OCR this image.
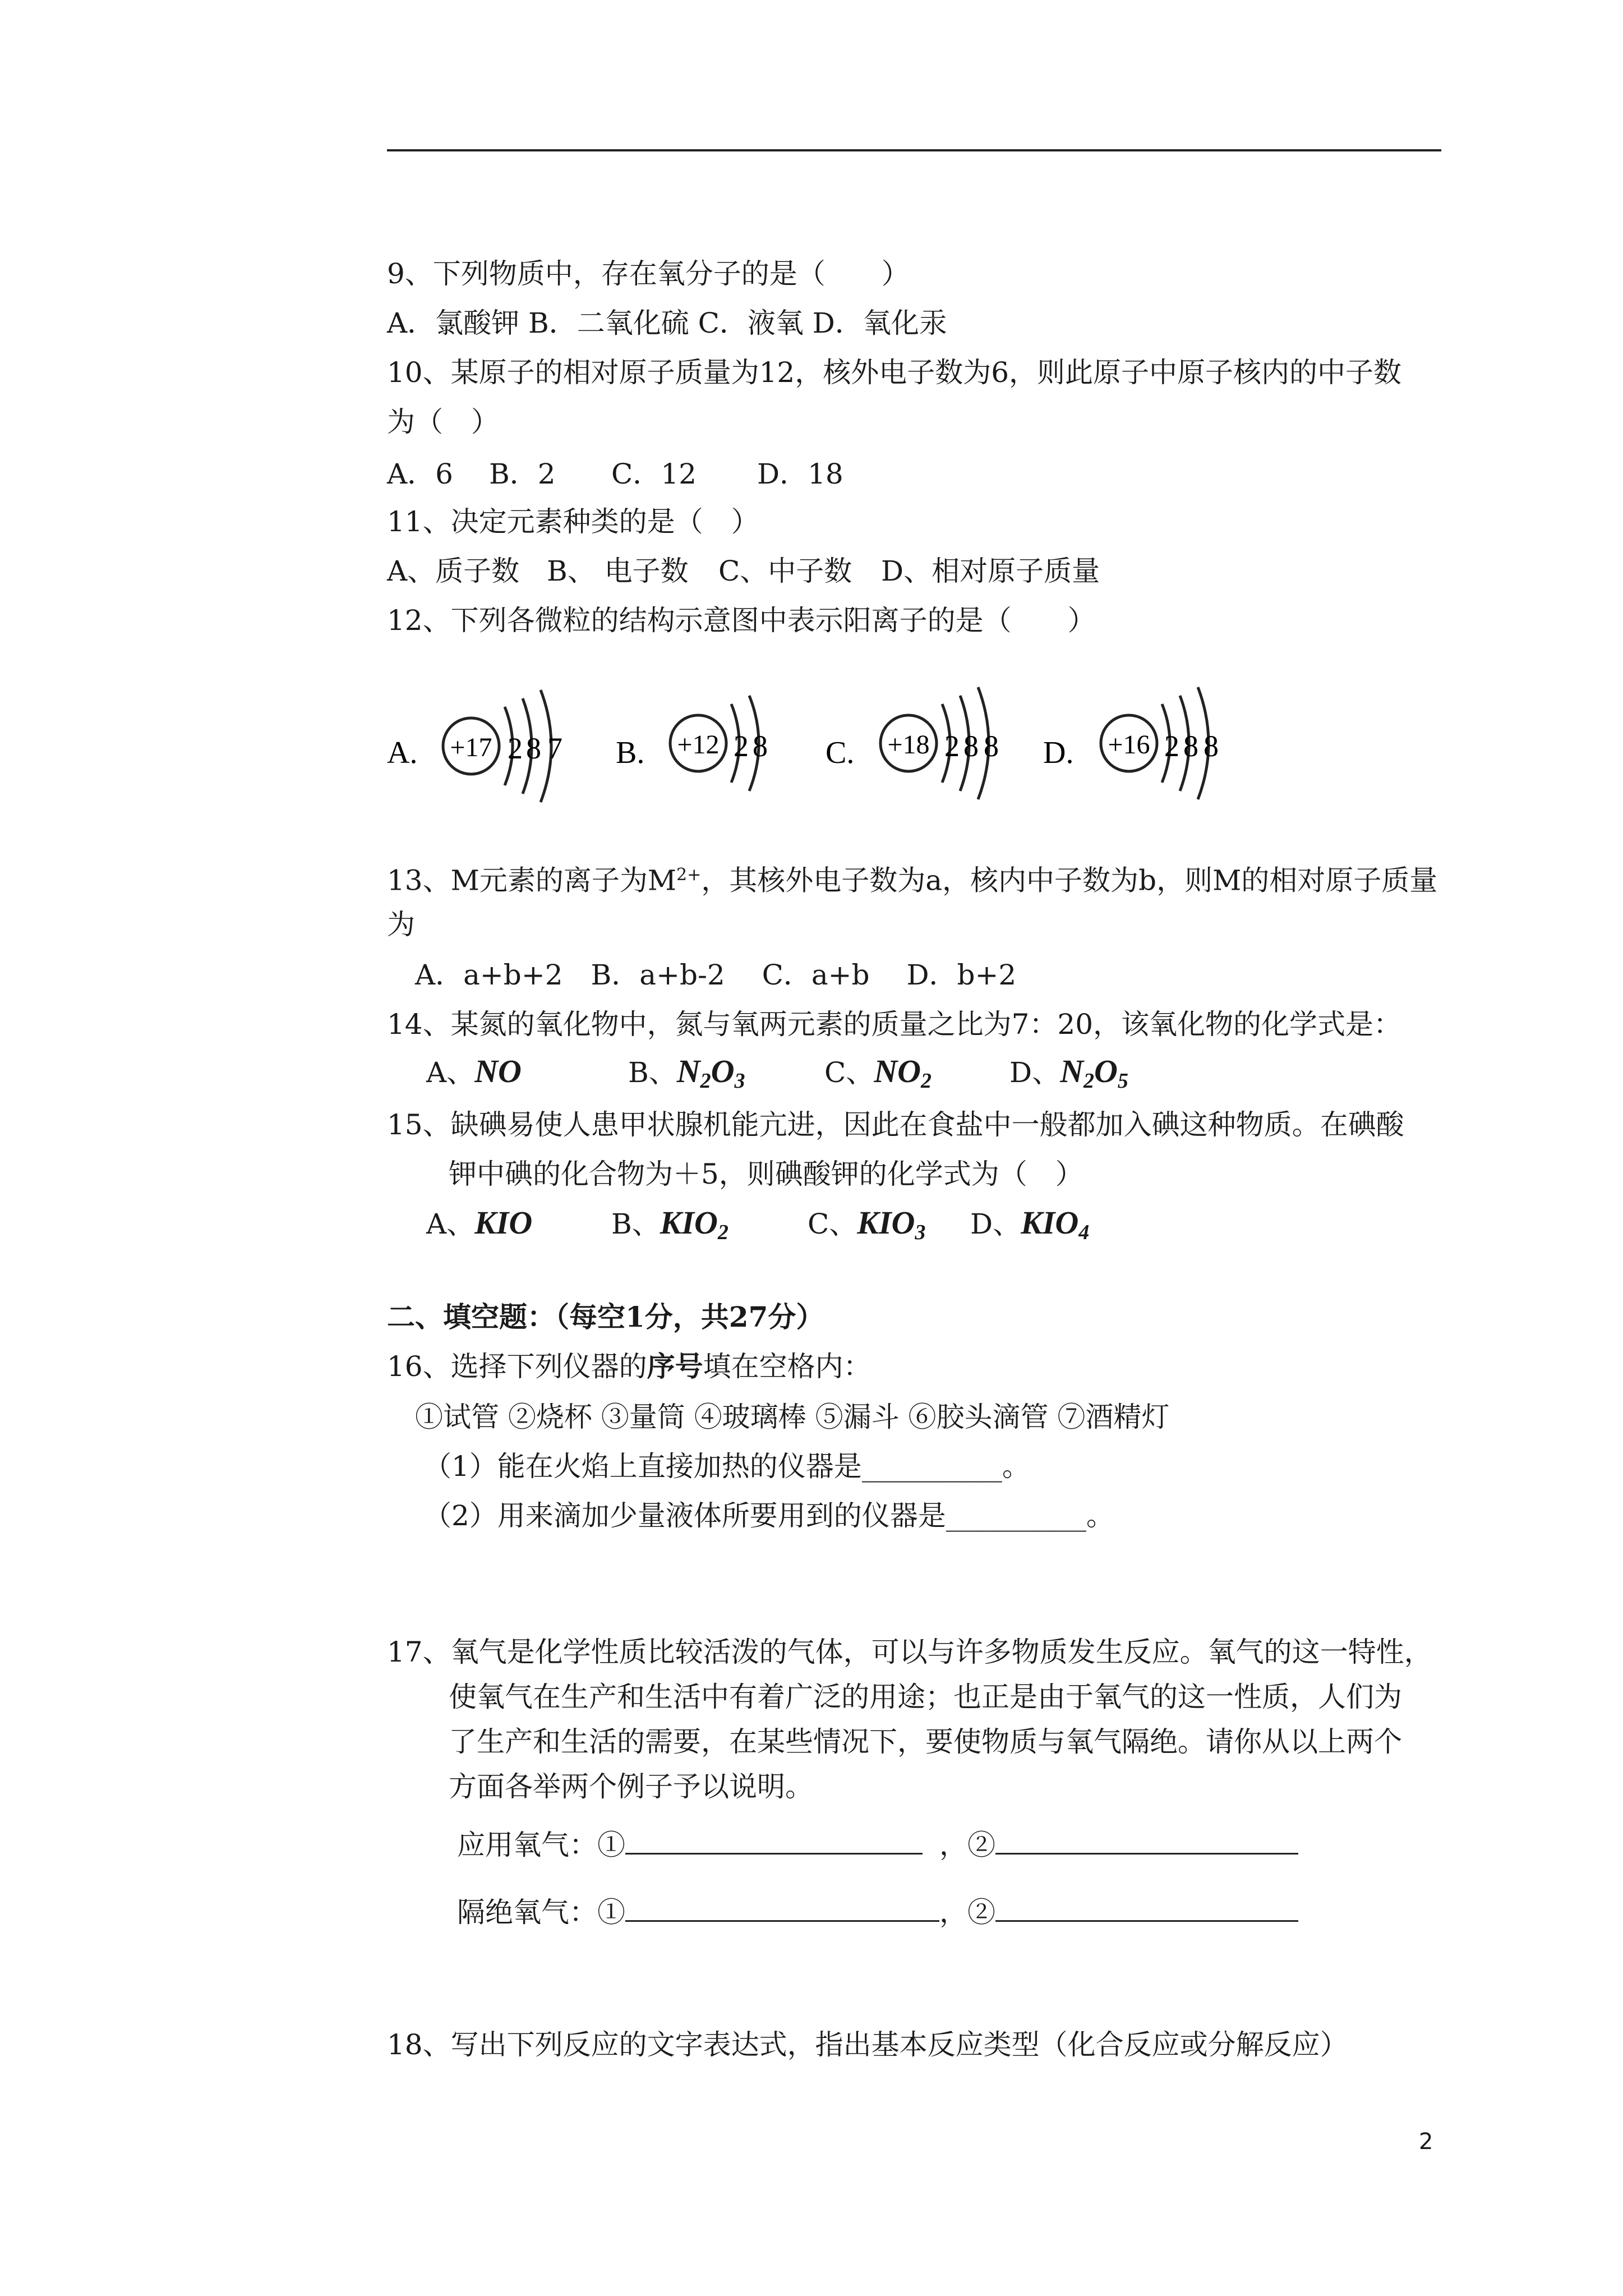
9、下列物质中，存在氧分子的是（　　）
A．氯酸钾 B．二氧化硫 C．液氧 D．氧化汞
10、某原子的相对原子质量为12，核外电子数为6，则此原子中原子核内的中子数
为（　）
A．6 B．2 C．12 D．18
11、决定元素种类的是（　）
A、质子数 B、 电子数 C、中子数 D、相对原子质量
12、下列各微粒的结构示意图中表示阳离子的是（　　）
A. +17 2 8 7 B. +12 2 8 C. +18 2 8 8 D. +16 2 8 8
13、M元素的离子为$M^{2+}$，其核外电子数为a，核内中子数为b，则M的相对原子质量
为
A．a+b+2　B．a+b-2　 C．a+b　 D．b+2
14、某氮的氧化物中，氮与氧两元素的质量之比为7：20，该氧化物的化学式是：
A、NO	B、$N_2O_3$	C、$NO_2$	D、$N_2O_5$
15、缺碘易使人患甲状腺机能亢进，因此在食盐中一般都加入碘这种物质。在碘酸
钾中碘的化合物为＋5，则碘酸钾的化学式为（　）
A、KIO	B、$KIO_2$	C、$KIO_3$ D、$KIO_4$
二、填空题：（每空1分，共27分）
16、选择下列仪器的序号填在空格内：
①试管 ②烧杯 ③量筒 ④玻璃棒 ⑤漏斗 ⑥胶头滴管 ⑦酒精灯
（1）能在火焰上直接加热的仪器是__________。
（2）用来滴加少量液体所要用到的仪器是__________。
17、氧气是化学性质比较活泼的气体，可以与许多物质发生反应。氧气的这一特性，
使氧气在生产和生活中有着广泛的用途；也正是由于氧气的这一性质，人们为
了生产和生活的需要，在某些情况下，要使物质与氧气隔绝。请你从以上两个
方面各举两个例子予以说明。
应用氧气：①	，②
隔绝氧气：①	，②
18、写出下列反应的文字表达式，指出基本反应类型（化合反应或分解反应）
2
